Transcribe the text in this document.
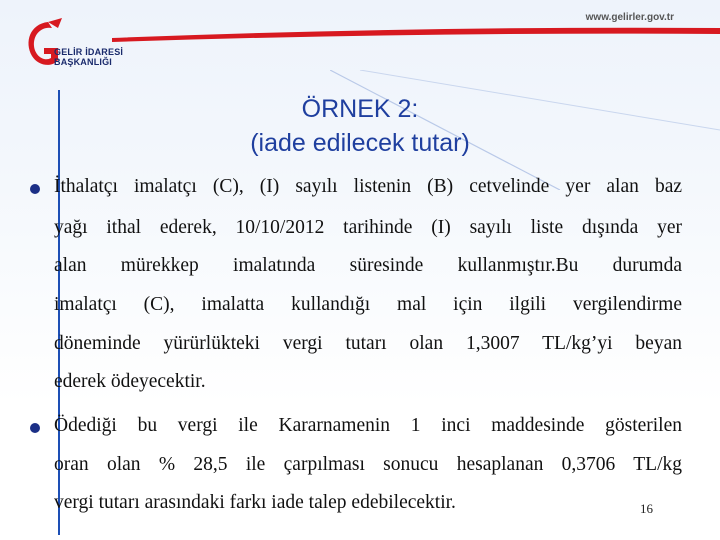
GELİR İDARESİ
BAŞKANLIĞI
www.gelirler.gov.tr
ÖRNEK 2:
(iade edilecek tutar)
İthalatçı imalatçı (C), (I) sayılı listenin (B) cetvelinde yer alan baz
yağı ithal ederek, 10/10/2012 tarihinde (I) sayılı liste dışında yer
alan mürekkep imalatında süresinde kullanmıştır.Bu durumda
imalatçı (C), imalatta kullandığı mal için ilgili vergilendirme
döneminde yürürlükteki vergi tutarı olan 1,3007 TL/kg’yi beyan
ederek ödeyecektir.
Ödediği bu vergi ile Kararnamenin 1 inci maddesinde gösterilen
oran olan % 28,5 ile çarpılması sonucu hesaplanan 0,3706 TL/kg
vergi tutarı arasındaki farkı iade talep edebilecektir.	16
